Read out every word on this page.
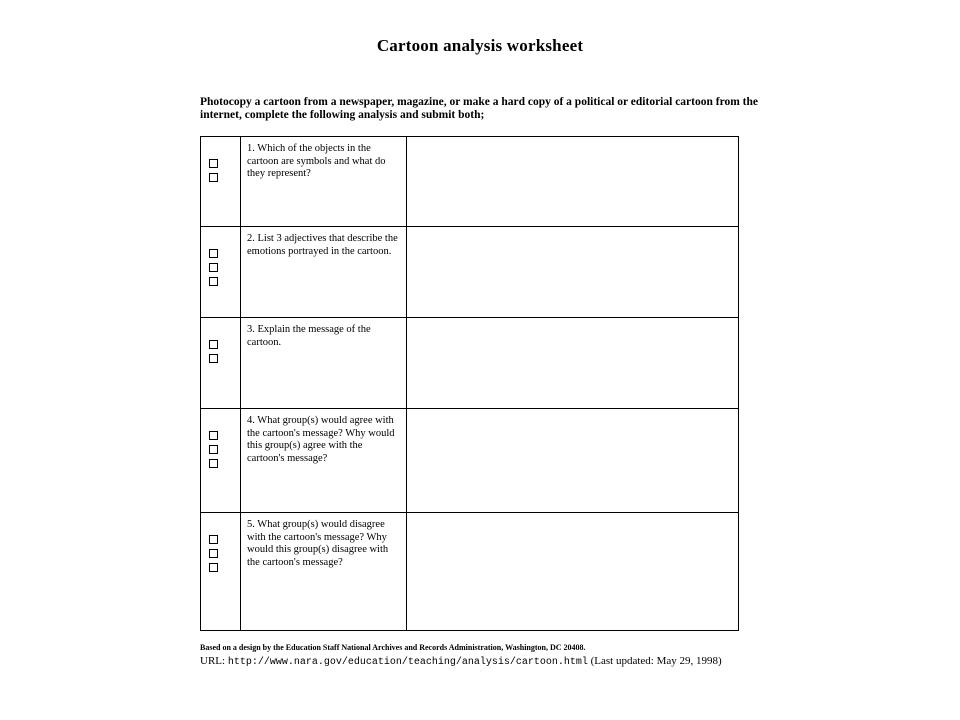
Cartoon analysis worksheet
Photocopy a cartoon from a newspaper, magazine, or make a hard copy of a political or editorial cartoon from the internet, complete the following analysis and submit both;

	1. Which of the objects in the cartoon are symbols and what do they represent?	

	2. List 3 adjectives that describe the emotions portrayed in the cartoon.	

	3. Explain the message of the cartoon.	

	4. What group(s) would agree with the cartoon's message? Why would this group(s) agree with the cartoon's message?	

	5. What group(s) would disagree with the cartoon's message? Why would this group(s) disagree with the cartoon's message?	

Based on a design by the Education Staff National Archives and Records Administration, Washington, DC 20408.
URL: http://www.nara.gov/education/teaching/analysis/cartoon.html (Last updated: May 29, 1998)
